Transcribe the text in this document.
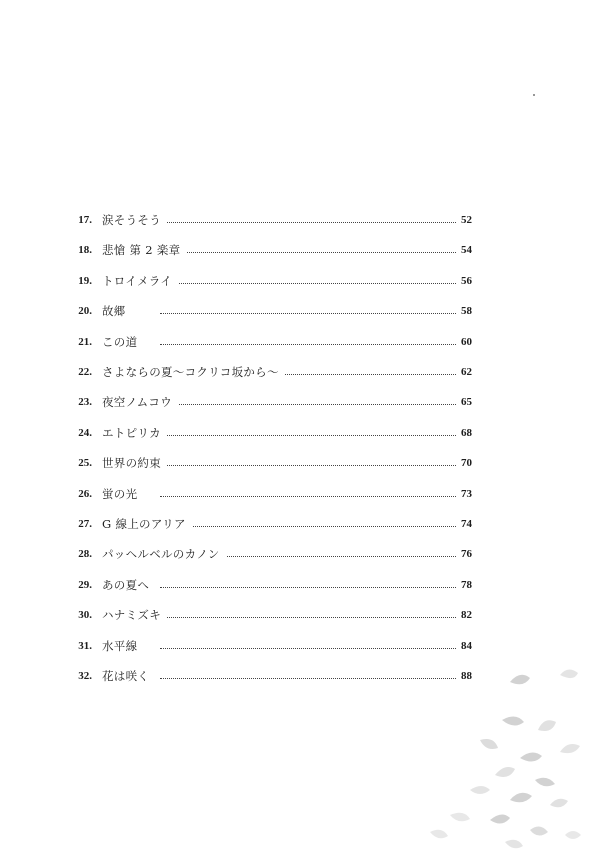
17. 涙そうそう	52
18. 悲愴 第 2 楽章	54
19. トロイメライ	56
20. 故郷	58
21. この道	60
22. さよならの夏〜コクリコ坂から〜	62
23. 夜空ノムコウ	65
24. エトピリカ	68
25. 世界の約束	70
26. 蛍の光	73
27. G 線上のアリア	74
28. パッヘルベルのカノン	76
29. あの夏へ	78
30. ハナミズキ	82
31. 水平線	84
32. 花は咲く	88
